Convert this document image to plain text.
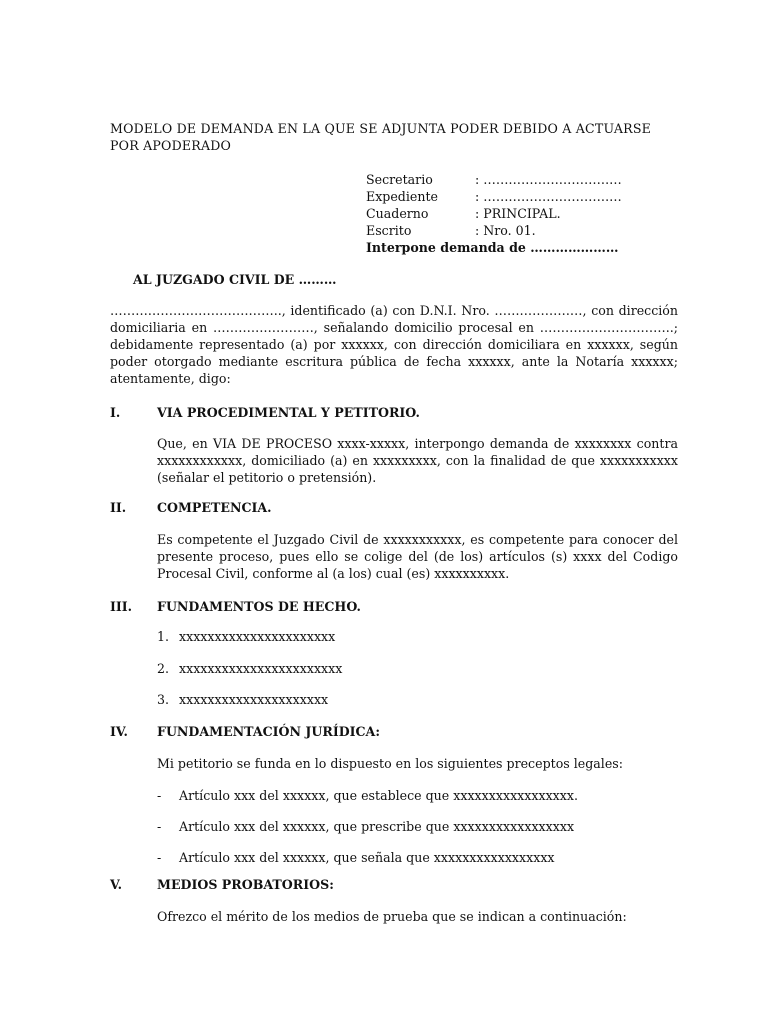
MODELO DE DEMANDA EN LA QUE SE ADJUNTA PODER DEBIDO A ACTUARSE POR APODERADO
Secretario	: ……………………………
Expediente	: ……………………………
Cuaderno	: PRINCIPAL.
Escrito	: Nro. 01.
Interpone demanda de …………………
AL JUZGADO CIVIL DE ………
………………………………….., identificado (a) con D.N.I. Nro. …………………, con dirección domiciliaria en ……………………, señalando domicilio procesal en …………………………..; debidamente representado (a) por xxxxxx, con dirección domiciliara en xxxxxx, según poder otorgado mediante escritura pública de fecha xxxxxx, ante la Notaría xxxxxx; atentamente, digo:
I.	VIA PROCEDIMENTAL Y PETITORIO.
Que, en VIA DE PROCESO xxxx-xxxxx, interpongo demanda de xxxxxxxx contra xxxxxxxxxxxx, domiciliado (a) en xxxxxxxxx, con la finalidad de que xxxxxxxxxxx (señalar el petitorio o pretensión).
II. COMPETENCIA.
Es competente el Juzgado Civil de xxxxxxxxxxx, es competente para conocer del presente proceso, pues ello se colige del (de los) artículos (s) xxxx del Codigo Procesal Civil, conforme al (a los) cual (es) xxxxxxxxxx.
III. FUNDAMENTOS DE HECHO.
1. xxxxxxxxxxxxxxxxxxxxxx
2. xxxxxxxxxxxxxxxxxxxxxxx
3. xxxxxxxxxxxxxxxxxxxxx
IV. FUNDAMENTACIÓN JURÍDICA:
Mi petitorio se funda en lo dispuesto en los siguientes preceptos legales:
-	Artículo xxx del xxxxxx, que establece que xxxxxxxxxxxxxxxxx.
-	Artículo xxx del xxxxxx, que prescribe que xxxxxxxxxxxxxxxxx
-	Artículo xxx del xxxxxx, que señala que xxxxxxxxxxxxxxxxx
V.	MEDIOS PROBATORIOS:
Ofrezco el mérito de los medios de prueba que se indican a continuación:
